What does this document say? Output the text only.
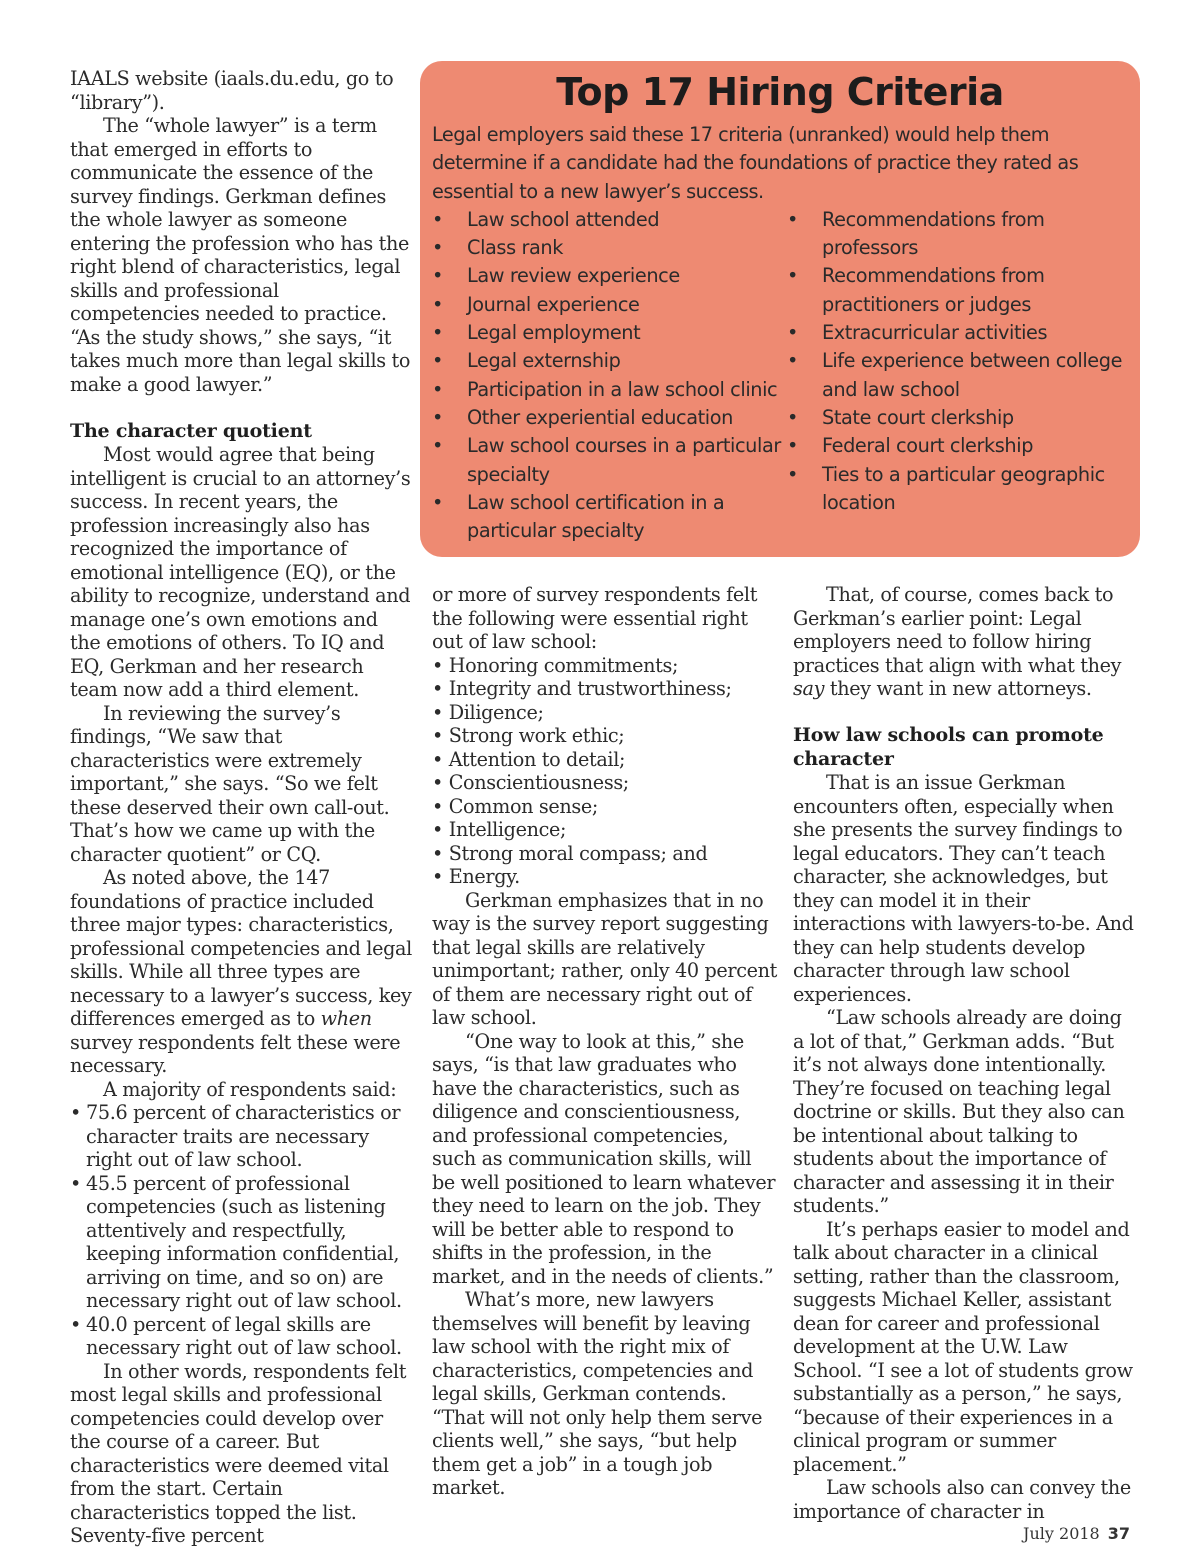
Top 17 Hiring Criteria

Legal employers said these 17 criteria (unranked) would help them determine if a candidate had the foundations of practice they rated as essential to a new lawyer’s success.

• Law school attended
• Class rank
• Law review experience
• Journal experience
• Legal employment
• Legal externship
• Participation in a law school clinic
• Other experiential education
• Law school courses in a particular specialty
• Law school certification in a particular specialty
• Recommendations from professors
• Recommendations from practitioners or judges
• Extracurricular activities
• Life experience between college and law school
• State court clerkship
• Federal court clerkship
• Ties to a particular geographic location

IAALS website (iaals.du.edu, go to “library”).

The “whole lawyer” is a term that emerged in efforts to communicate the essence of the survey findings. Gerkman defines the whole lawyer as someone entering the profession who has the right blend of characteristics, legal skills and professional competencies needed to practice. “As the study shows,” she says, “it takes much more than legal skills to make a good lawyer.”

The character quotient

Most would agree that being intelligent is crucial to an attorney’s success. In recent years, the profession increasingly also has recognized the importance of emotional intelligence (EQ), or the ability to recognize, understand and manage one’s own emotions and the emotions of others. To IQ and EQ, Gerkman and her research team now add a third element.

In reviewing the survey’s findings, “We saw that characteristics were extremely important,” she says. “So we felt these deserved their own call-out. That’s how we came up with the character quotient” or CQ.

As noted above, the 147 foundations of practice included three major types: characteristics, professional competencies and legal skills. While all three types are necessary to a lawyer’s success, key differences emerged as to when survey respondents felt these were necessary.

A majority of respondents said:

• 75.6 percent of characteristics or character traits are necessary right out of law school.
• 45.5 percent of professional competencies (such as listening attentively and respectfully, keeping information confidential, arriving on time, and so on) are necessary right out of law school.
• 40.0 percent of legal skills are necessary right out of law school.

In other words, respondents felt most legal skills and professional competencies could develop over the course of a career. But characteristics were deemed vital from the start. Certain characteristics topped the list. Seventy-five percent

or more of survey respondents felt the following were essential right out of law school:

• Honoring commitments;
• Integrity and trustworthiness;
• Diligence;
• Strong work ethic;
• Attention to detail;
• Conscientiousness;
• Common sense;
• Intelligence;
• Strong moral compass; and
• Energy.

Gerkman emphasizes that in no way is the survey report suggesting that legal skills are relatively unimportant; rather, only 40 percent of them are necessary right out of law school.

“One way to look at this,” she says, “is that law graduates who have the characteristics, such as diligence and conscientiousness, and professional competencies, such as communication skills, will be well positioned to learn whatever they need to learn on the job. They will be better able to respond to shifts in the profession, in the market, and in the needs of clients.”

What’s more, new lawyers themselves will benefit by leaving law school with the right mix of characteristics, competencies and legal skills, Gerkman contends. “That will not only help them serve clients well,” she says, “but help them get a job” in a tough job market.

That, of course, comes back to Gerkman’s earlier point: Legal employers need to follow hiring practices that align with what they say they want in new attorneys.

How law schools can promote character

That is an issue Gerkman encounters often, especially when she presents the survey findings to legal educators. They can’t teach character, she acknowledges, but they can model it in their interactions with lawyers-to-be. And they can help students develop character through law school experiences.

“Law schools already are doing a lot of that,” Gerkman adds. “But it’s not always done intentionally. They’re focused on teaching legal doctrine or skills. But they also can be intentional about talking to students about the importance of character and assessing it in their students.”

It’s perhaps easier to model and talk about character in a clinical setting, rather than the classroom, suggests Michael Keller, assistant dean for career and professional development at the U.W. Law School. “I see a lot of students grow substantially as a person,” he says, “because of their experiences in a clinical program or summer placement.”

Law schools also can convey the importance of character in

July 2018 37
